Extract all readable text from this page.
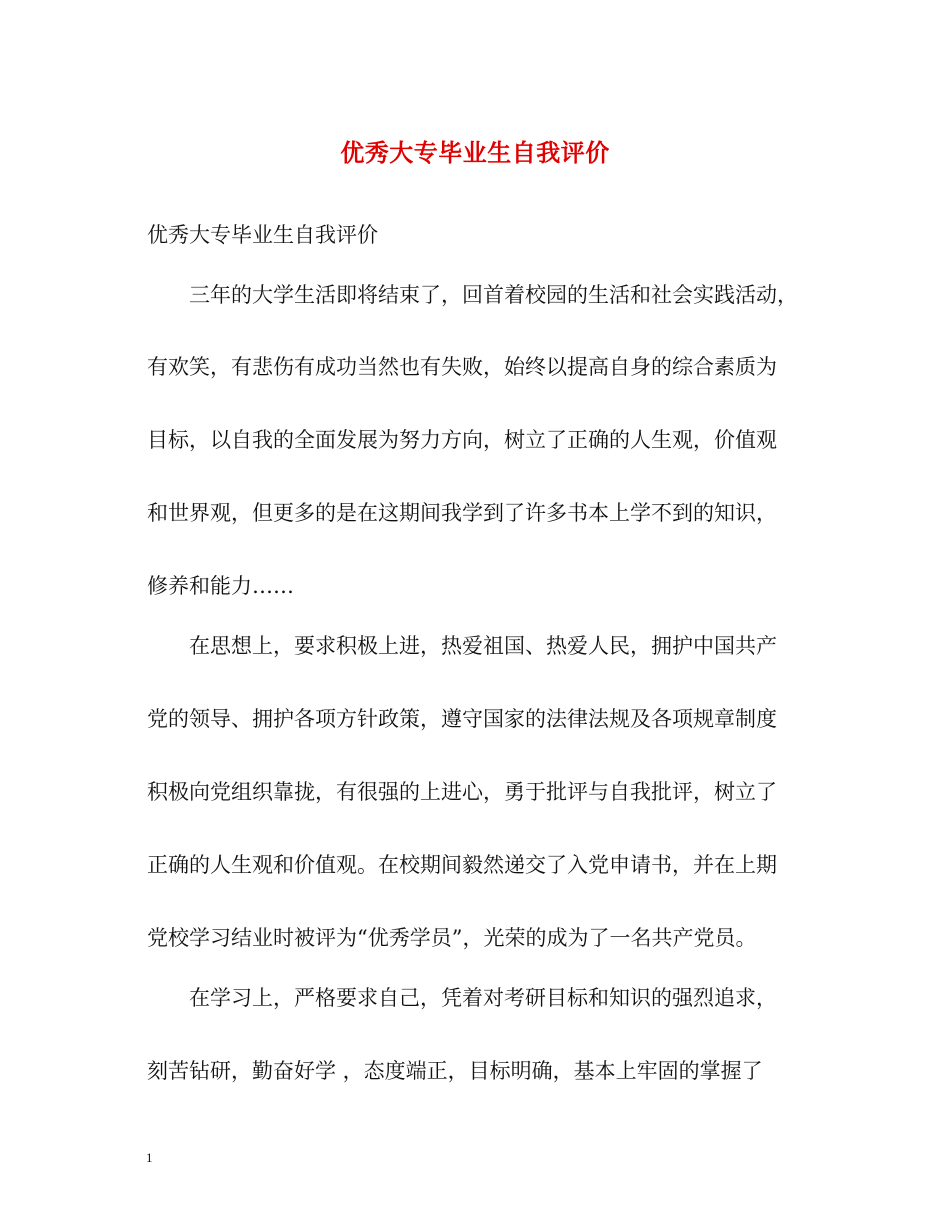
优秀大专毕业生自我评价
优秀大专毕业生自我评价
三年的大学生活即将结束了，回首着校园的生活和社会实践活动，
有欢笑，有悲伤有成功当然也有失败，始终以提高自身的综合素质为
目标，以自我的全面发展为努力方向，树立了正确的人生观，价值观
和世界观，但更多的是在这期间我学到了许多书本上学不到的知识，
修养和能力……
在思想上，要求积极上进，热爱祖国、热爱人民，拥护中国共产
党的领导、拥护各项方针政策，遵守国家的法律法规及各项规章制度
积极向党组织靠拢，有很强的上进心，勇于批评与自我批评，树立了
正确的人生观和价值观。在校期间毅然递交了入党申请书，并在上期
党校学习结业时被评为“优秀学员”，光荣的成为了一名共产党员。
在学习上，严格要求自己，凭着对考研目标和知识的强烈追求，
刻苦钻研，勤奋好学 ，态度端正，目标明确，基本上牢固的掌握了
1
